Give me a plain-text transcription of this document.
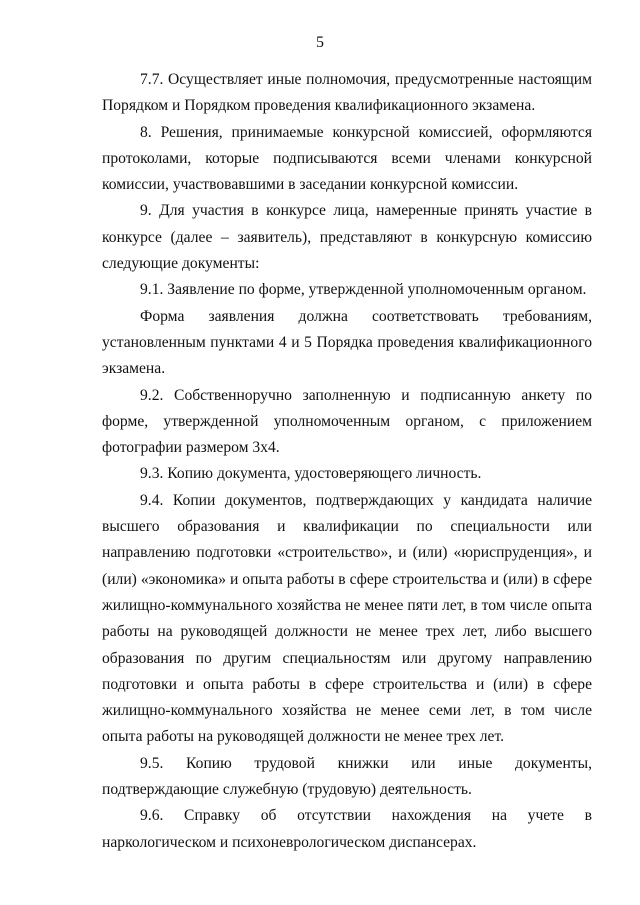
5

7.7. Осуществляет иные полномочия, предусмотренные настоящим Порядком и Порядком проведения квалификационного экзамена.

8. Решения, принимаемые конкурсной комиссией, оформляются протоколами, которые подписываются всеми членами конкурсной комиссии, участвовавшими в заседании конкурсной комиссии.

9. Для участия в конкурсе лица, намеренные принять участие в конкурсе (далее – заявитель), представляют в конкурсную комиссию следующие документы:

9.1. Заявление по форме, утвержденной уполномоченным органом.

Форма заявления должна соответствовать требованиям, установленным пунктами 4 и 5 Порядка проведения квалификационного экзамена.

9.2. Собственноручно заполненную и подписанную анкету по форме, утвержденной уполномоченным органом, с приложением фотографии размером 3х4.

9.3. Копию документа, удостоверяющего личность.

9.4. Копии документов, подтверждающих у кандидата наличие высшего образования и квалификации по специальности или направлению подготовки «строительство», и (или) «юриспруденция», и (или) «экономика» и опыта работы в сфере строительства и (или) в сфере жилищно-коммунального хозяйства не менее пяти лет, в том числе опыта работы на руководящей должности не менее трех лет, либо высшего образования по другим специальностям или другому направлению подготовки и опыта работы в сфере строительства и (или) в сфере жилищно-коммунального хозяйства не менее семи лет, в том числе опыта работы на руководящей должности не менее трех лет.

9.5. Копию трудовой книжки или иные документы, подтверждающие служебную (трудовую) деятельность.

9.6. Справку об отсутствии нахождения на учете в наркологическом и психоневрологическом диспансерах.
